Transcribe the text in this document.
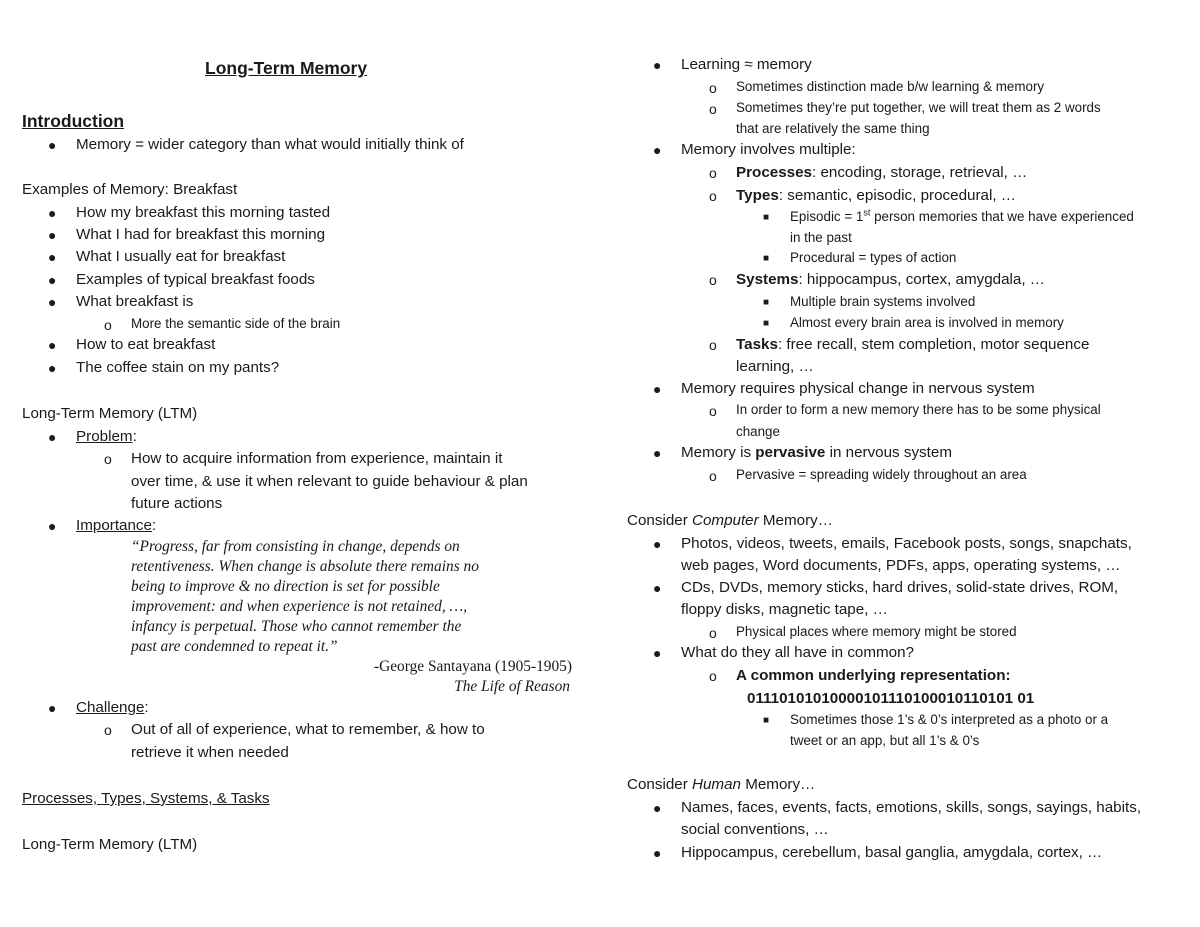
Long-Term Memory
Introduction
● Memory = wider category than what would initially think of
Examples of Memory: Breakfast
● How my breakfast this morning tasted
● What I had for breakfast this morning
● What I usually eat for breakfast
● Examples of typical breakfast foods
● What breakfast is
o More the semantic side of the brain
● How to eat breakfast
● The coffee stain on my pants?
Long-Term Memory (LTM)
● Problem:
o How to acquire information from experience, maintain it
over time, & use it when relevant to guide behaviour & plan
future actions
● Importance:
“Progress, far from consisting in change, depends on
retentiveness. When change is absolute there remains no
being to improve & no direction is set for possible
improvement: and when experience is not retained, …,
infancy is perpetual. Those who cannot remember the
past are condemned to repeat it.”
-George Santayana (1905-1905)
The Life of Reason
● Challenge:
o Out of all of experience, what to remember, & how to
retrieve it when needed
Processes, Types, Systems, & Tasks
Long-Term Memory (LTM)
● Learning ≈ memory
o Sometimes distinction made b/w learning & memory
o Sometimes they’re put together, we will treat them as 2 words
that are relatively the same thing
● Memory involves multiple:
o Processes: encoding, storage, retrieval, …
o Types: semantic, episodic, procedural, …
■ Episodic = 1st person memories that we have experienced
in the past
■ Procedural = types of action
o Systems: hippocampus, cortex, amygdala, …
■ Multiple brain systems involved
■ Almost every brain area is involved in memory
o Tasks: free recall, stem completion, motor sequence
learning, …
● Memory requires physical change in nervous system
o In order to form a new memory there has to be some physical
change
● Memory is pervasive in nervous system
o Pervasive = spreading widely throughout an area
Consider Computer Memory…
● Photos, videos, tweets, emails, Facebook posts, songs, snapchats,
web pages, Word documents, PDFs, apps, operating systems, …
● CDs, DVDs, memory sticks, hard drives, solid-state drives, ROM,
floppy disks, magnetic tape, …
o Physical places where memory might be stored
● What do they all have in common?
o A common underlying representation:
01110101010000101110100010110101 01
■ Sometimes those 1’s & 0’s interpreted as a photo or a
tweet or an app, but all 1’s & 0’s
Consider Human Memory…
● Names, faces, events, facts, emotions, skills, songs, sayings, habits,
social conventions, …
● Hippocampus, cerebellum, basal ganglia, amygdala, cortex, …
